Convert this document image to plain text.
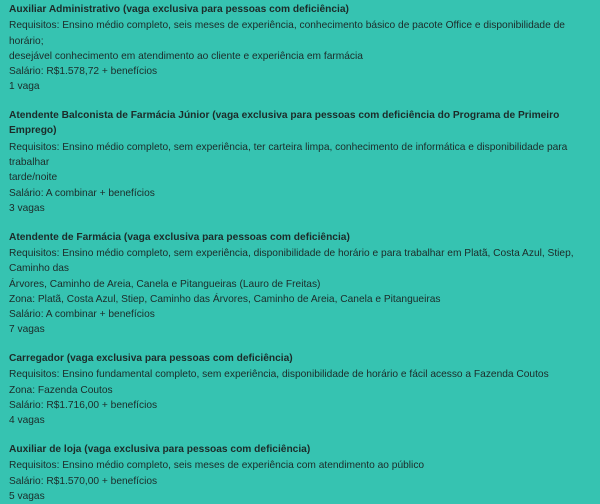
Auxiliar Administrativo (vaga exclusiva para pessoas com deficiência)
Requisitos: Ensino médio completo, seis meses de experiência, conhecimento básico de pacote Office e disponibilidade de horário;
desejável conhecimento em atendimento ao cliente e experiência em farmácia
Salário: R$1.578,72 + benefícios
1 vaga
Atendente Balconista de Farmácia Júnior (vaga exclusiva para pessoas com deficiência do Programa de Primeiro Emprego)
Requisitos: Ensino médio completo, sem experiência, ter carteira limpa, conhecimento de informática e disponibilidade para trabalhar
tarde/noite
Salário: A combinar + benefícios
3 vagas
Atendente de Farmácia (vaga exclusiva para pessoas com deficiência)
Requisitos: Ensino médio completo, sem experiência, disponibilidade de horário e para trabalhar em Platã, Costa Azul, Stiep, Caminho das
Árvores, Caminho de Areia, Canela e Pitangueiras (Lauro de Freitas)
Zona: Platã, Costa Azul, Stiep, Caminho das Árvores, Caminho de Areia, Canela e Pitangueiras
Salário: A combinar + benefícios
7 vagas
Carregador (vaga exclusiva para pessoas com deficiência)
Requisitos: Ensino fundamental completo, sem experiência, disponibilidade de horário e fácil acesso a Fazenda Coutos
Zona: Fazenda Coutos
Salário: R$1.716,00 + benefícios
4 vagas
Auxiliar de loja (vaga exclusiva para pessoas com deficiência)
Requisitos: Ensino médio completo, seis meses de experiência com atendimento ao público
Salário: R$1.570,00 + benefícios
5 vagas
